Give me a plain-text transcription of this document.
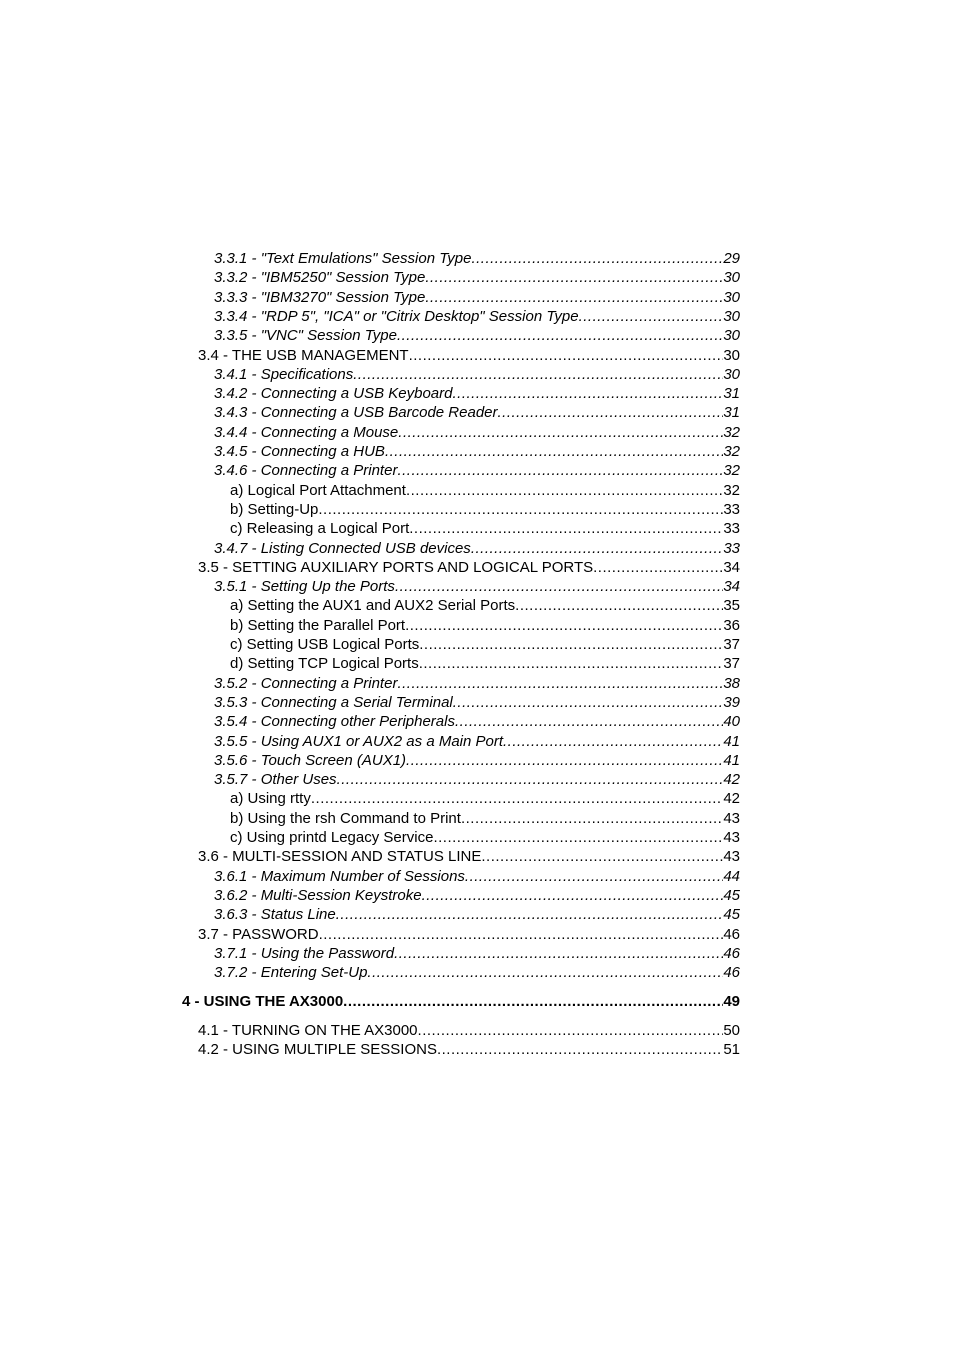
3.3.1 - "Text Emulations" Session Type .....	29
3.3.2 - "IBM5250" Session Type .....	30
3.3.3 - "IBM3270" Session Type .....	30
3.3.4 - "RDP 5", "ICA" or "Citrix Desktop" Session Type .....	30
3.3.5 - "VNC" Session Type .....	30
3.4 - THE USB MANAGEMENT .....	30
3.4.1 - Specifications .....	30
3.4.2 - Connecting a USB Keyboard .....	31
3.4.3 - Connecting a USB Barcode Reader .....	31
3.4.4 - Connecting a Mouse .....	32
3.4.5 - Connecting a HUB .....	32
3.4.6 - Connecting a Printer .....	32
a) Logical Port Attachment .....	32
b) Setting-Up .....	33
c) Releasing a Logical Port .....	33
3.4.7 - Listing Connected USB devices .....	33
3.5 - SETTING AUXILIARY PORTS AND LOGICAL PORTS .....	34
3.5.1 - Setting Up the Ports .....	34
a) Setting the AUX1 and AUX2 Serial Ports .....	35
b) Setting the Parallel Port .....	36
c) Setting USB Logical Ports .....	37
d) Setting TCP Logical Ports .....	37
3.5.2 - Connecting a Printer .....	38
3.5.3 - Connecting a Serial Terminal .....	39
3.5.4 - Connecting other Peripherals .....	40
3.5.5 - Using AUX1 or AUX2 as a Main Port .....	41
3.5.6 - Touch Screen (AUX1) .....	41
3.5.7 - Other Uses .....	42
a) Using rtty .....	42
b) Using the rsh Command to Print .....	43
c) Using printd Legacy Service .....	43
3.6 - MULTI-SESSION AND STATUS LINE .....	43
3.6.1 - Maximum Number of Sessions .....	44
3.6.2 - Multi-Session Keystroke .....	45
3.6.3 - Status Line .....	45
3.7 - PASSWORD .....	46
3.7.1 - Using the Password .....	46
3.7.2 - Entering Set-Up .....	46
4 - USING THE AX3000 .....	49
4.1 - TURNING ON THE AX3000 .....	50
4.2 - USING MULTIPLE SESSIONS .....	51
